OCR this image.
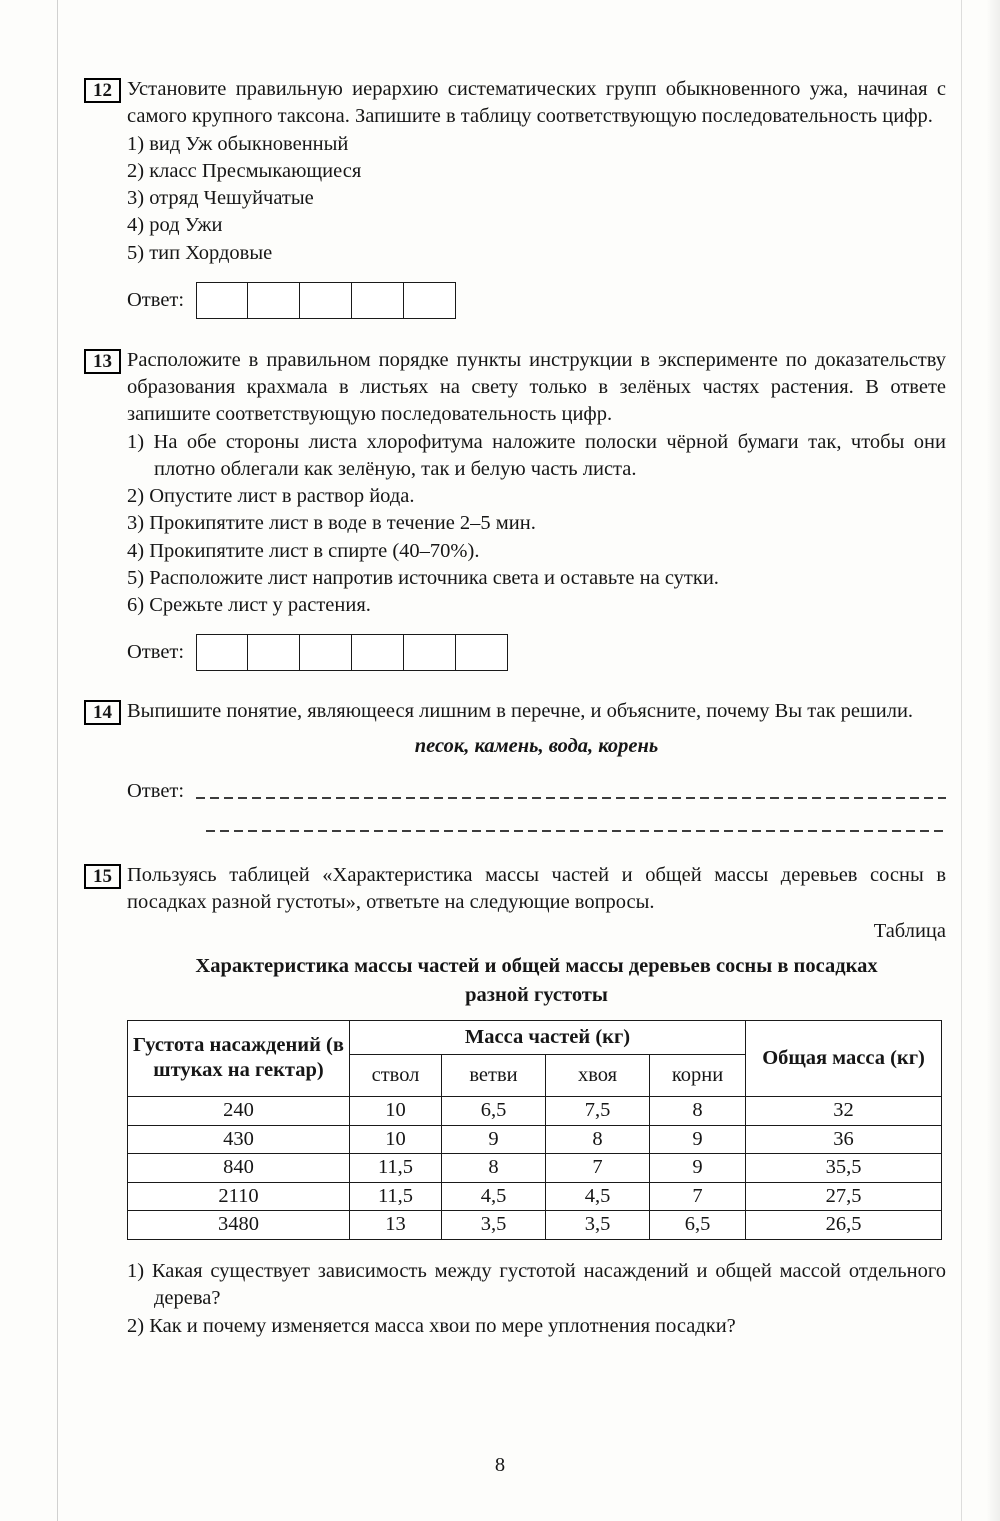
12 Установите правильную иерархию систематических групп обыкновенного ужа, начиная с самого крупного таксона. Запишите в таблицу соответствующую последовательность цифр.

1) вид Уж обыкновенный
2) класс Пресмыкающиеся
3) отряд Чешуйчатые
4) род Ужи
5) тип Хордовые
Ответ:
13 Расположите в правильном порядке пункты инструкции в эксперименте по доказательству образования крахмала в листьях на свету только в зелёных частях растения. В ответе запишите соответствующую последовательность цифр.

1) На обе стороны листа хлорофитума наложите полоски чёрной бумаги так, чтобы они плотно облегали как зелёную, так и белую часть листа.
2) Опустите лист в раствор йода.
3) Прокипятите лист в воде в течение 2–5 мин.
4) Прокипятите лист в спирте (40–70%).
5) Расположите лист напротив источника света и оставьте на сутки.
6) Срежьте лист у растения.
Ответ:
14 Выпишите понятие, являющееся лишним в перечне, и объясните, почему Вы так решили.

песок, камень, вода, корень

Ответ:
15 Пользуясь таблицей «Характеристика массы частей и общей массы деревьев сосны в посадках разной густоты», ответьте на следующие вопросы.

Таблица

Характеристика массы частей и общей массы деревьев сосны в посадках разной густоты

Густота насаждений (в штуках на гектар)	Масса частей (кг)				Общая масса (кг)
	ствол	ветви	хвоя	корни	
240	10	6,5	7,5	8	32
430	10	9	8	9	36
840	11,5	8	7	9	35,5
2110	11,5	4,5	4,5	7	27,5
3480	13	3,5	3,5	6,5	26,5
1) Какая существует зависимость между густотой насаждений и общей массой отдельного дерева?
2) Как и почему изменяется масса хвои по мере уплотнения посадки?
8
